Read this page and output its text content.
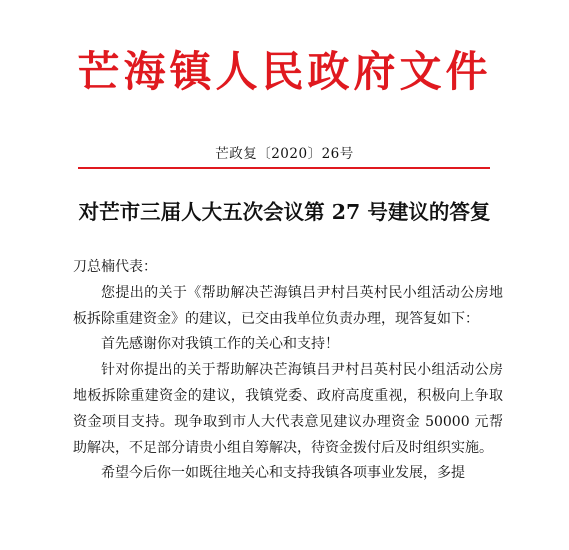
芒海镇人民政府文件
芒政复〔2020〕26号
对芒市三届人大五次会议第 27 号建议的答复

刀总楠代表：

您提出的关于《帮助解决芒海镇吕尹村吕英村民小组活动公房地板拆除重建资金》的建议，已交由我单位负责办理，现答复如下：

首先感谢你对我镇工作的关心和支持！

针对你提出的关于帮助解决芒海镇吕尹村吕英村民小组活动公房地板拆除重建资金的建议，我镇党委、政府高度重视，积极向上争取资金项目支持。现争取到市人大代表意见建议办理资金 50000 元帮助解决，不足部分请贵小组自筹解决，待资金拨付后及时组织实施。

希望今后你一如既往地关心和支持我镇各项事业发展，多提
